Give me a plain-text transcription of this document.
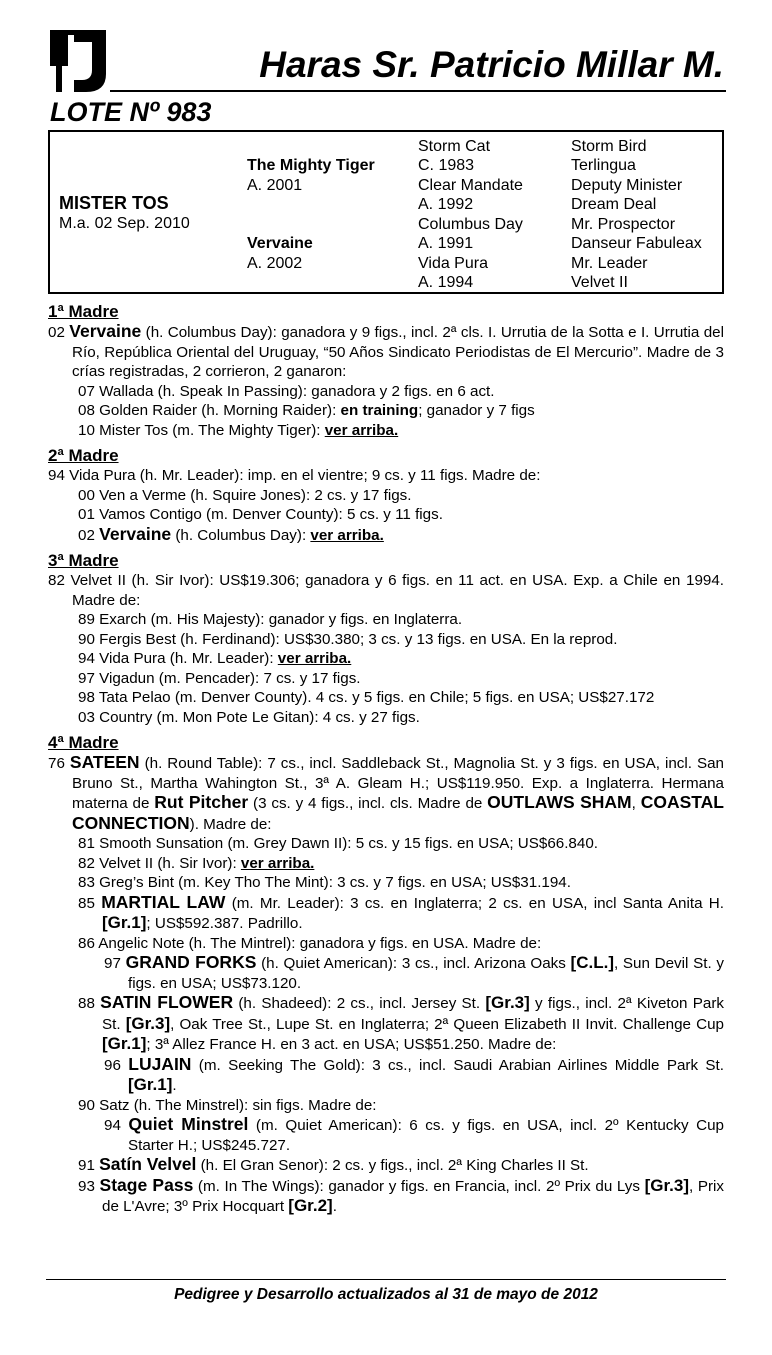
Haras Sr. Patricio Millar M.
LOTE Nº 983
MISTER TOS
M.a. 02 Sep. 2010
The Mighty Tiger
A. 2001
Vervaine
A. 2002
Storm Cat
C. 1983
Clear Mandate
A. 1992
Columbus Day
A. 1991
Vida Pura
A. 1994
Storm Bird
Terlingua
Deputy Minister
Dream Deal
Mr. Prospector
Danseur Fabuleax
Mr. Leader
Velvet II
1ª Madre
02 Vervaine (h. Columbus Day): ganadora y 9 figs., incl. 2ª cls. I. Urrutia de la Sotta e I. Urrutia del Río, República Oriental del Uruguay, “50 Años Sindicato Periodistas de El Mercurio”. Madre de 3 crías registradas, 2 corrieron, 2 ganaron:
07 Wallada (h. Speak In Passing): ganadora y 2 figs. en 6 act.
08 Golden Raider (h. Morning Raider): en training; ganador y 7 figs
10 Mister Tos (m. The Mighty Tiger): ver arriba.
2ª Madre
94 Vida Pura (h. Mr. Leader): imp. en el vientre; 9 cs. y 11 figs. Madre de:
00 Ven a Verme (h. Squire Jones): 2 cs. y 17 figs.
01 Vamos Contigo (m. Denver County): 5 cs. y 11 figs.
02 Vervaine (h. Columbus Day): ver arriba.
3ª Madre
82 Velvet II (h. Sir Ivor): US$19.306; ganadora y 6 figs. en 11 act. en USA. Exp. a Chile en 1994. Madre de:
89 Exarch (m. His Majesty): ganador y figs. en Inglaterra.
90 Fergis Best (h. Ferdinand): US$30.380; 3 cs. y 13 figs. en USA. En la reprod.
94 Vida Pura (h. Mr. Leader): ver arriba.
97 Vigadun (m. Pencader): 7 cs. y 17 figs.
98 Tata Pelao (m. Denver County). 4 cs. y 5 figs. en Chile; 5 figs. en USA; US$27.172
03 Country (m. Mon Pote Le Gitan): 4 cs. y 27 figs.
4ª Madre
76 SATEEN (h. Round Table): 7 cs., incl. Saddleback St., Magnolia St. y 3 figs. en USA, incl. San Bruno St., Martha Wahington St., 3ª A. Gleam H.; US$119.950. Exp. a Inglaterra. Hermana materna de Rut Pitcher (3 cs. y 4 figs., incl. cls. Madre de OUTLAWS SHAM, COASTAL CONNECTION). Madre de:
81 Smooth Sunsation (m. Grey Dawn II): 5 cs. y 15 figs. en USA; US$66.840.
82 Velvet II (h. Sir Ivor): ver arriba.
83 Greg’s Bint (m. Key Tho The Mint): 3 cs. y 7 figs. en USA; US$31.194.
85 MARTIAL LAW (m. Mr. Leader): 3 cs. en Inglaterra; 2 cs. en USA, incl Santa Anita H. [Gr.1]; US$592.387. Padrillo.
86 Angelic Note (h. The Mintrel): ganadora y figs. en USA. Madre de:
97 GRAND FORKS (h. Quiet American): 3 cs., incl. Arizona Oaks [C.L.], Sun Devil St. y figs. en USA; US$73.120.
88 SATIN FLOWER (h. Shadeed): 2 cs., incl. Jersey St. [Gr.3] y figs., incl. 2ª Kiveton Park St. [Gr.3], Oak Tree St., Lupe St. en Inglaterra; 2ª Queen Elizabeth II Invit. Challenge Cup [Gr.1]; 3ª Allez France H. en 3 act. en USA; US$51.250. Madre de:
96 LUJAIN (m. Seeking The Gold): 3 cs., incl. Saudi Arabian Airlines Middle Park St. [Gr.1].
90 Satz (h. The Minstrel): sin figs. Madre de:
94 Quiet Minstrel (m. Quiet American): 6 cs. y figs. en USA, incl. 2º Kentucky Cup Starter H.; US$245.727.
91 Satín Velvel (h. El Gran Senor): 2 cs. y figs., incl. 2ª King Charles II St.
93 Stage Pass (m. In The Wings): ganador y figs. en Francia, incl. 2º Prix du Lys [Gr.3], Prix de L'Avre; 3º Prix Hocquart [Gr.2].
Pedigree y Desarrollo actualizados al 31 de mayo de 2012
